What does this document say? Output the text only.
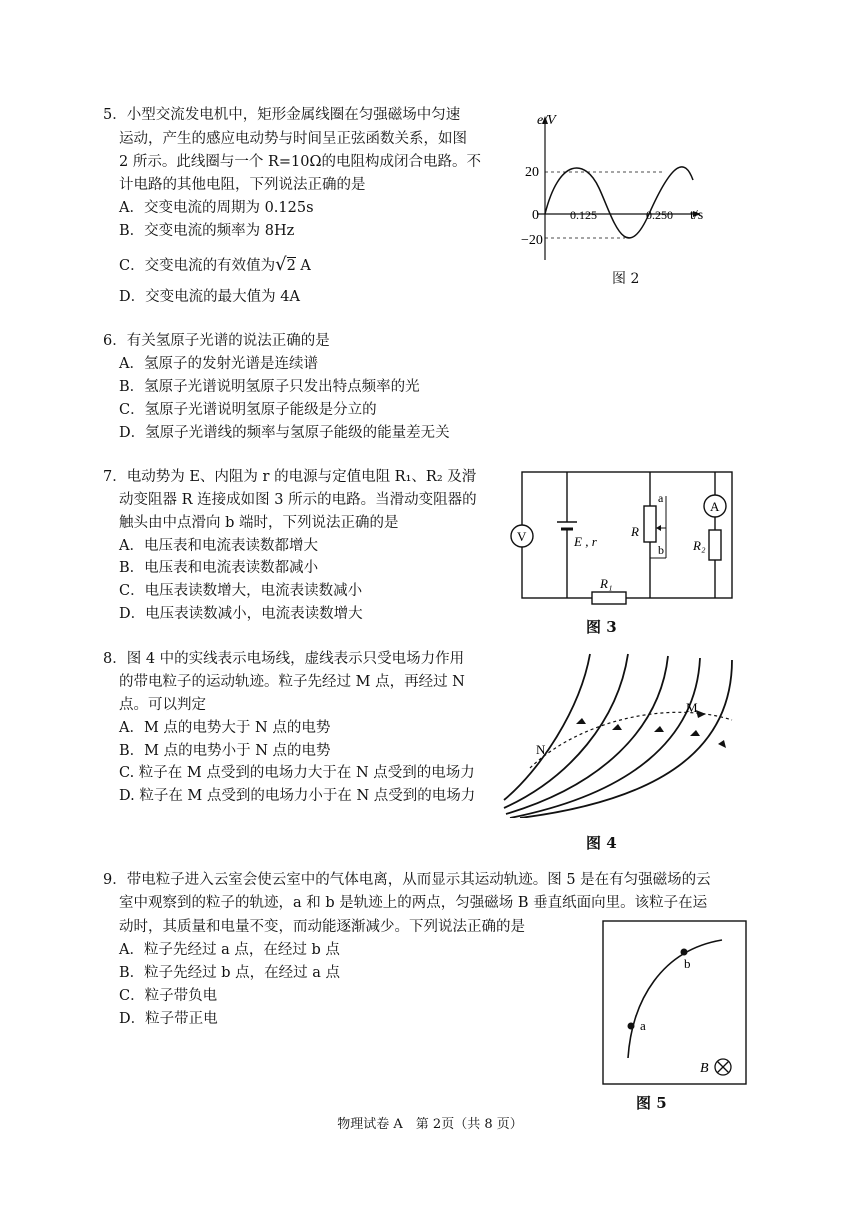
5．小型交流发电机中，矩形金属线圈在匀强磁场中匀速
运动，产生的感应电动势与时间呈正弦函数关系，如图
2 所示。此线圈与一个 R=10Ω的电阻构成闭合电路。不
计电路的其他电阻，下列说法正确的是
A．交变电流的周期为 0.125s
B．交变电流的频率为 8Hz
C．交变电流的有效值为√2 A
D．交变电流的最大值为 4A
e/V
20
0
−20
0.125	0.250 t/s
图 2
6．有关氢原子光谱的说法正确的是
A．氢原子的发射光谱是连续谱
B．氢原子光谱说明氢原子只发出特点频率的光
C．氢原子光谱说明氢原子能级是分立的
D．氢原子光谱线的频率与氢原子能级的能量差无关
7．电动势为 E、内阻为 r 的电源与定值电阻 R₁、R₂ 及滑
动变阻器 R 连接成如图 3 所示的电路。当滑动变阻器的
触头由中点滑向 b 端时，下列说法正确的是
A．电压表和电流表读数都增大
B．电压表和电流表读数都减小
C．电压表读数增大，电流表读数减小
D．电压表读数减小，电流表读数增大
E , r
V
a
b
R
A
R₂
R₁
图 3
8．图 4 中的实线表示电场线，虚线表示只受电场力作用
的带电粒子的运动轨迹。粒子先经过 M 点，再经过 N
点。可以判定
A．M 点的电势大于 N 点的电势
B．M 点的电势小于 N 点的电势
C. 粒子在 M 点受到的电场力大于在 N 点受到的电场力
D. 粒子在 M 点受到的电场力小于在 N 点受到的电场力
M
N
图 4
9．带电粒子进入云室会使云室中的气体电离，从而显示其运动轨迹。图 5 是在有匀强磁场的云
室中观察到的粒子的轨迹，a 和 b 是轨迹上的两点，匀强磁场 B 垂直纸面向里。该粒子在运
动时，其质量和电量不变，而动能逐渐减少。下列说法正确的是
A．粒子先经过 a 点，在经过 b 点
B．粒子先经过 b 点，在经过 a 点
C．粒子带负电
D．粒子带正电
b
a
B
图 5
物理试卷 A　第 2页（共 8 页）
